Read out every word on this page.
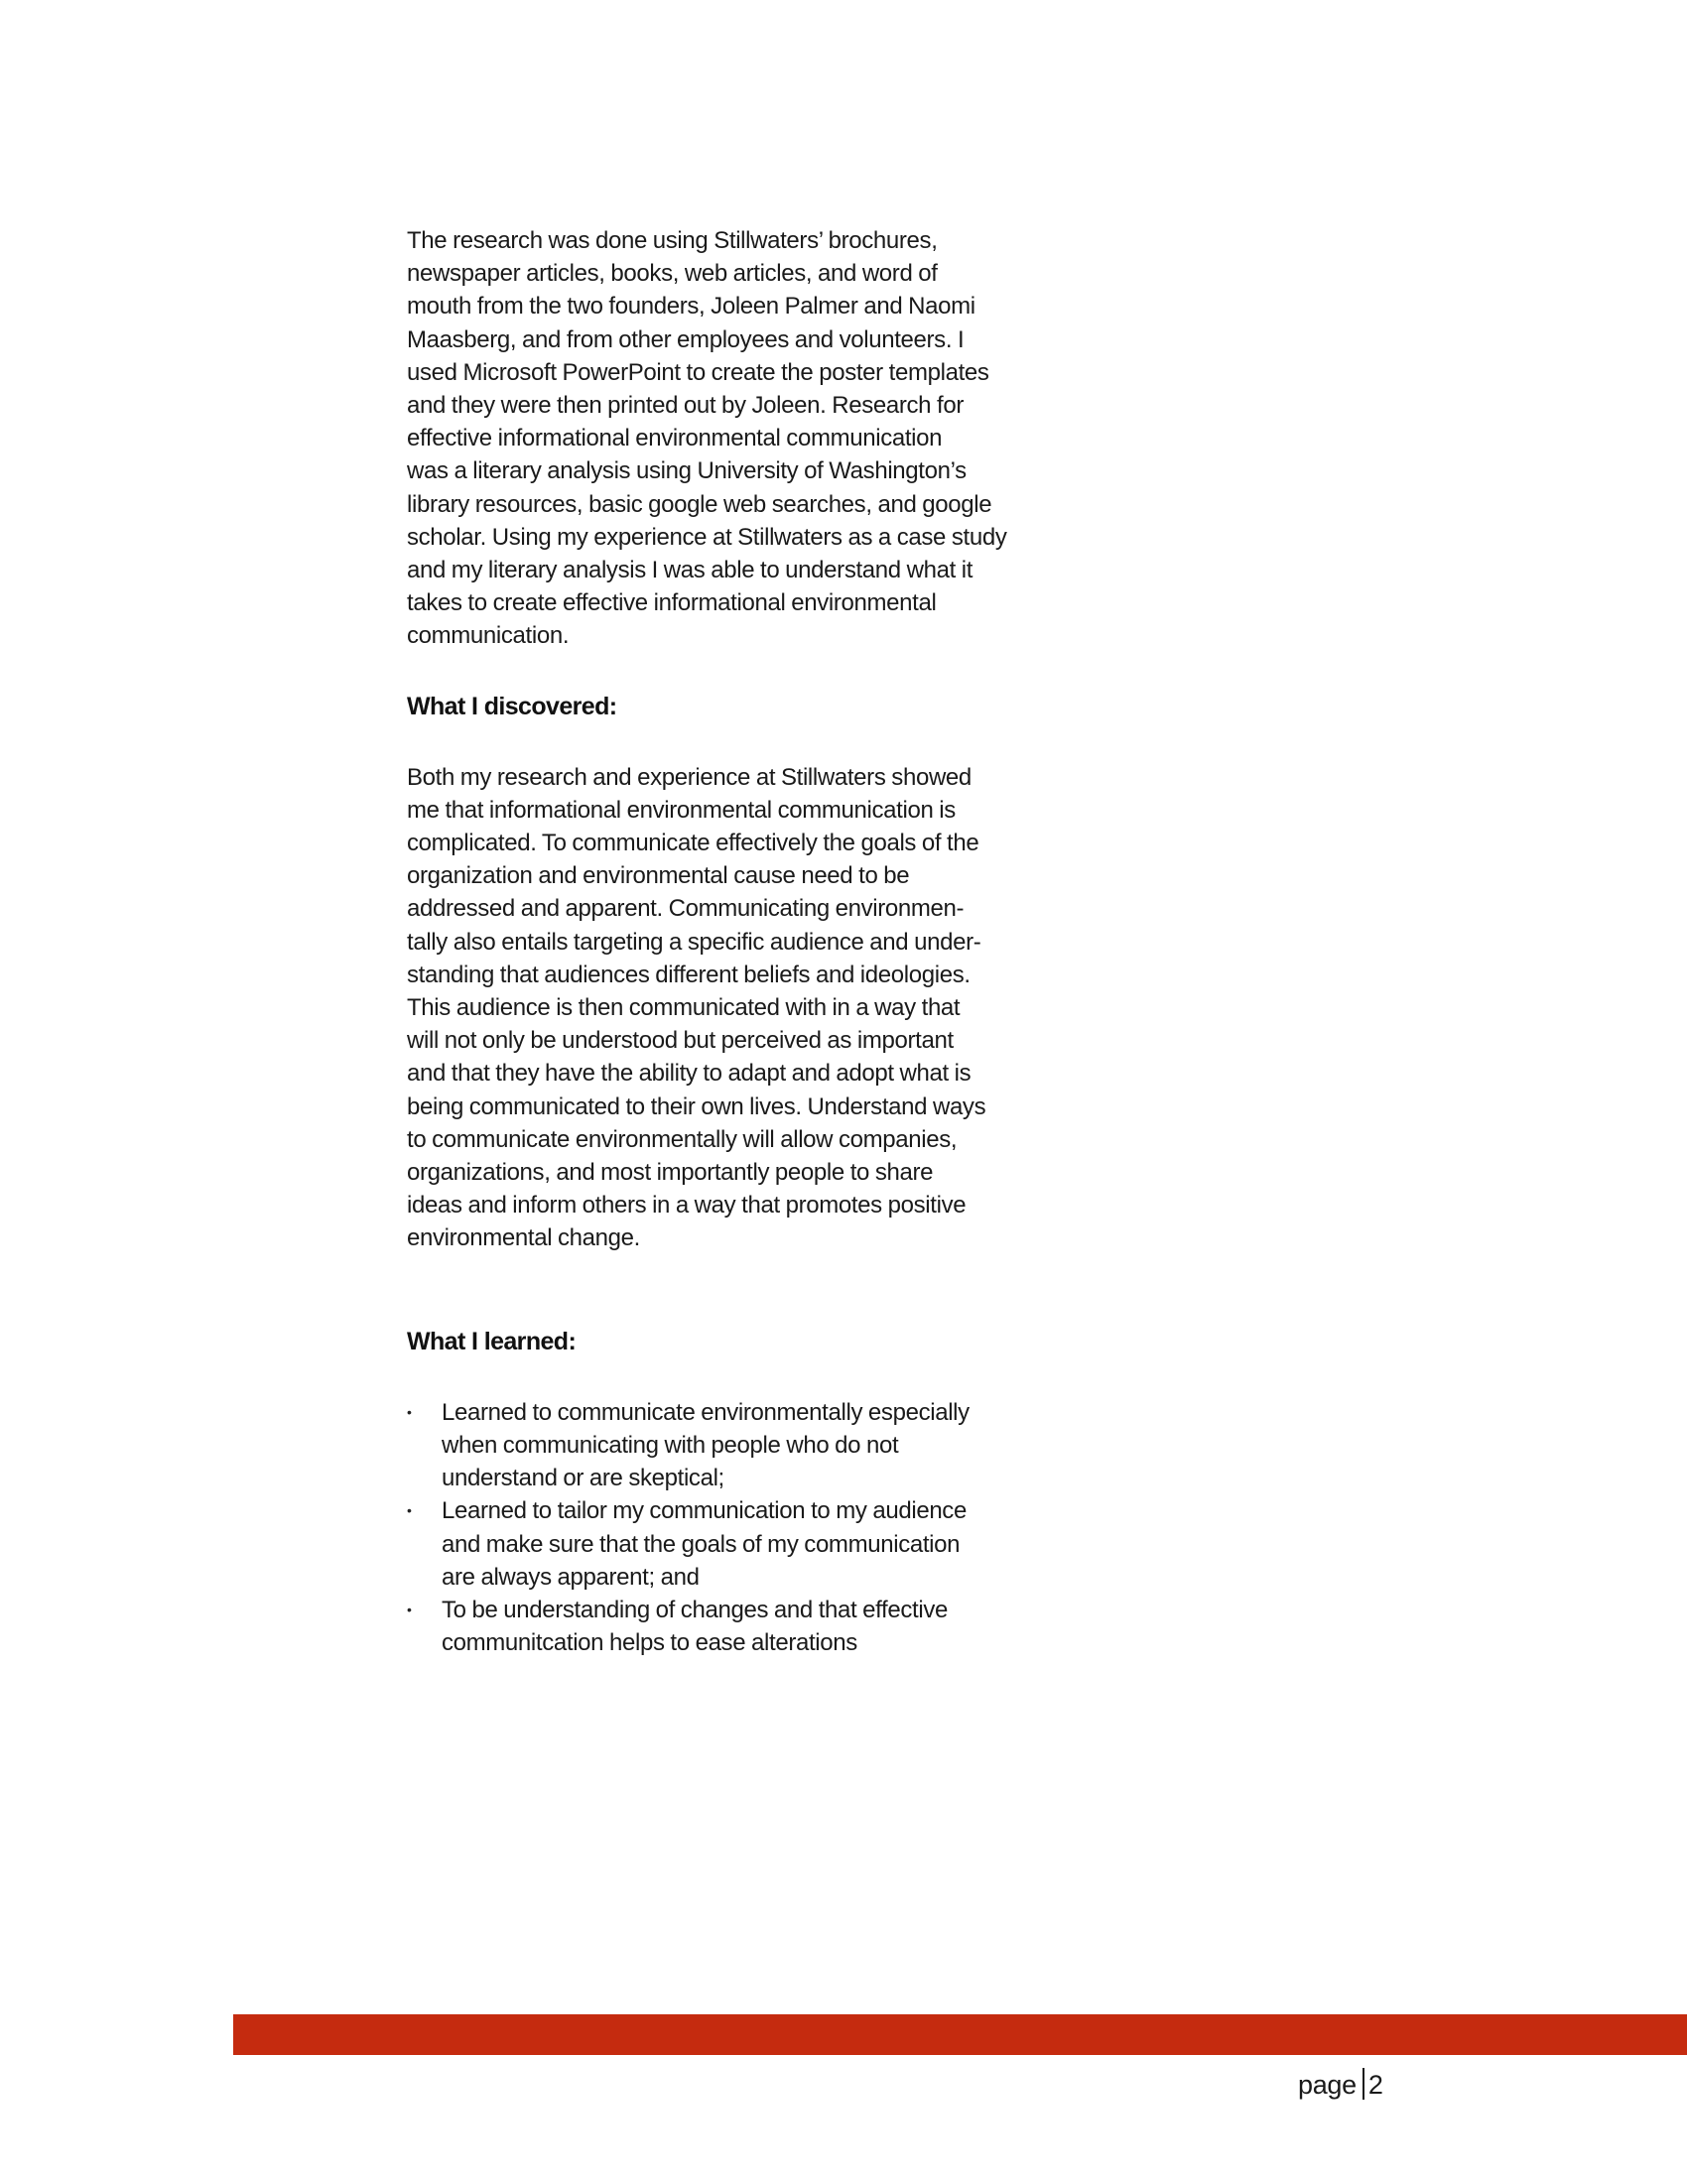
The research was done using Stillwaters’ brochures,
newspaper articles, books, web articles, and word of
mouth from the two founders, Joleen Palmer and Naomi
Maasberg, and from other employees and volunteers. I
used Microsoft PowerPoint to create the poster templates
and they were then printed out by Joleen. Research for
effective informational environmental communication
was a literary analysis using University of Washington’s
library resources, basic google web searches, and google
scholar. Using my experience at Stillwaters as a case study
and my literary analysis I was able to understand what it
takes to create effective informational environmental
communication.

What I discovered:

Both my research and experience at Stillwaters showed
me that informational environmental communication is
complicated. To communicate effectively the goals of the
organization and environmental cause need to be
addressed and apparent. Communicating environmen-
tally also entails targeting a specific audience and under-
standing that audiences different beliefs and ideologies.
This audience is then communicated with in a way that
will not only be understood but perceived as important
and that they have the ability to adapt and adopt what is
being communicated to their own lives. Understand ways
to communicate environmentally will allow companies,
organizations, and most importantly people to share
ideas and inform others in a way that promotes positive
environmental change.

What I learned:
• Learned to communicate environmentally especially
when communicating with people who do not
understand or are skeptical;
• Learned to tailor my communication to my audience
and make sure that the goals of my communication
are always apparent; and
• To be understanding of changes and that effective
communitcation helps to ease alterations
page 2
